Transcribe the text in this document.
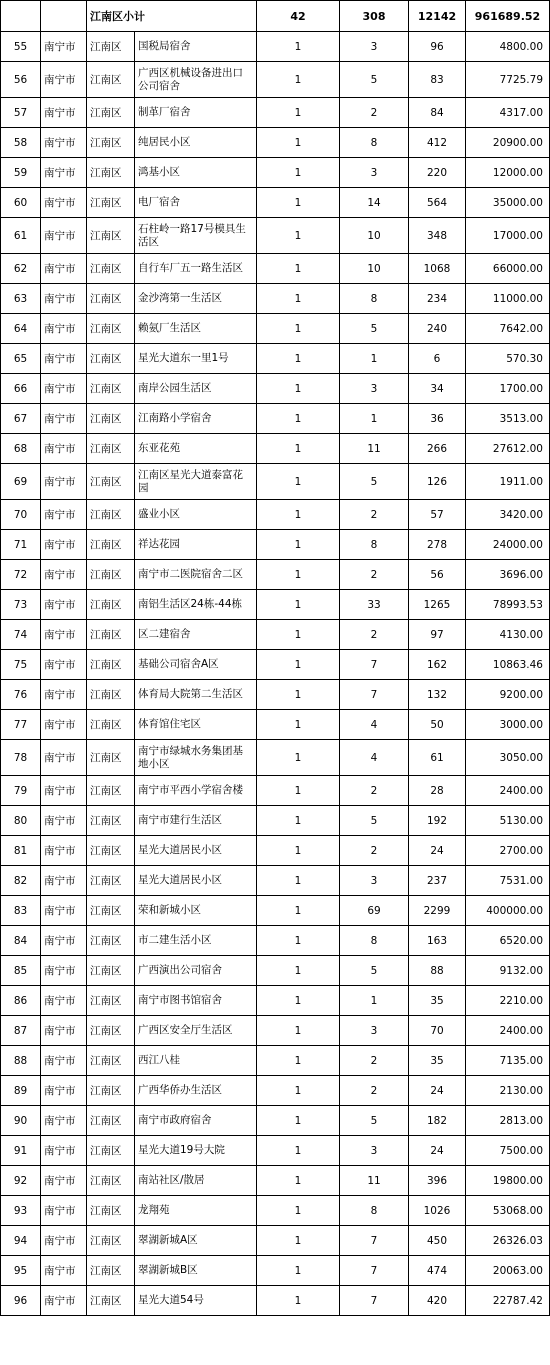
		江南区小计		42	308	12142	961689.52
55	南宁市	江南区	国税局宿舍	1	3	96	4800.00
56	南宁市	江南区	广西区机械设备进出口公司宿舍	1	5	83	7725.79
57	南宁市	江南区	制革厂宿舍	1	2	84	4317.00
58	南宁市	江南区	纯居民小区	1	8	412	20900.00
59	南宁市	江南区	鸿基小区	1	3	220	12000.00
60	南宁市	江南区	电厂宿舍	1	14	564	35000.00
61	南宁市	江南区	石柱岭一路17号模具生活区	1	10	348	17000.00
62	南宁市	江南区	自行车厂五一路生活区	1	10	1068	66000.00
63	南宁市	江南区	金沙湾第一生活区	1	8	234	11000.00
64	南宁市	江南区	赖氨厂生活区	1	5	240	7642.00
65	南宁市	江南区	星光大道东一里1号	1	1	6	570.30
66	南宁市	江南区	南岸公园生活区	1	3	34	1700.00
67	南宁市	江南区	江南路小学宿舍	1	1	36	3513.00
68	南宁市	江南区	东亚花苑	1	11	266	27612.00
69	南宁市	江南区	江南区星光大道泰富花园	1	5	126	1911.00
70	南宁市	江南区	盛业小区	1	2	57	3420.00
71	南宁市	江南区	祥达花园	1	8	278	24000.00
72	南宁市	江南区	南宁市二医院宿舍二区	1	2	56	3696.00
73	南宁市	江南区	南铝生活区24栋-44栋	1	33	1265	78993.53
74	南宁市	江南区	区二建宿舍	1	2	97	4130.00
75	南宁市	江南区	基础公司宿舍A区	1	7	162	10863.46
76	南宁市	江南区	体育局大院第二生活区	1	7	132	9200.00
77	南宁市	江南区	体育馆住宅区	1	4	50	3000.00
78	南宁市	江南区	南宁市绿城水务集团基地小区	1	4	61	3050.00
79	南宁市	江南区	南宁市平西小学宿舍楼	1	2	28	2400.00
80	南宁市	江南区	南宁市建行生活区	1	5	192	5130.00
81	南宁市	江南区	星光大道居民小区	1	2	24	2700.00
82	南宁市	江南区	星光大道居民小区	1	3	237	7531.00
83	南宁市	江南区	荣和新城小区	1	69	2299	400000.00
84	南宁市	江南区	市二建生活小区	1	8	163	6520.00
85	南宁市	江南区	广西演出公司宿舍	1	5	88	9132.00
86	南宁市	江南区	南宁市图书馆宿舍	1	1	35	2210.00
87	南宁市	江南区	广西区安全厅生活区	1	3	70	2400.00
88	南宁市	江南区	西江八桂	1	2	35	7135.00
89	南宁市	江南区	广西华侨办生活区	1	2	24	2130.00
90	南宁市	江南区	南宁市政府宿舍	1	5	182	2813.00
91	南宁市	江南区	星光大道19号大院	1	3	24	7500.00
92	南宁市	江南区	南站社区/散居	1	11	396	19800.00
93	南宁市	江南区	龙翔苑	1	8	1026	53068.00
94	南宁市	江南区	翠湖新城A区	1	7	450	26326.03
95	南宁市	江南区	翠湖新城B区	1	7	474	20063.00
96	南宁市	江南区	星光大道54号	1	7	420	22787.42
